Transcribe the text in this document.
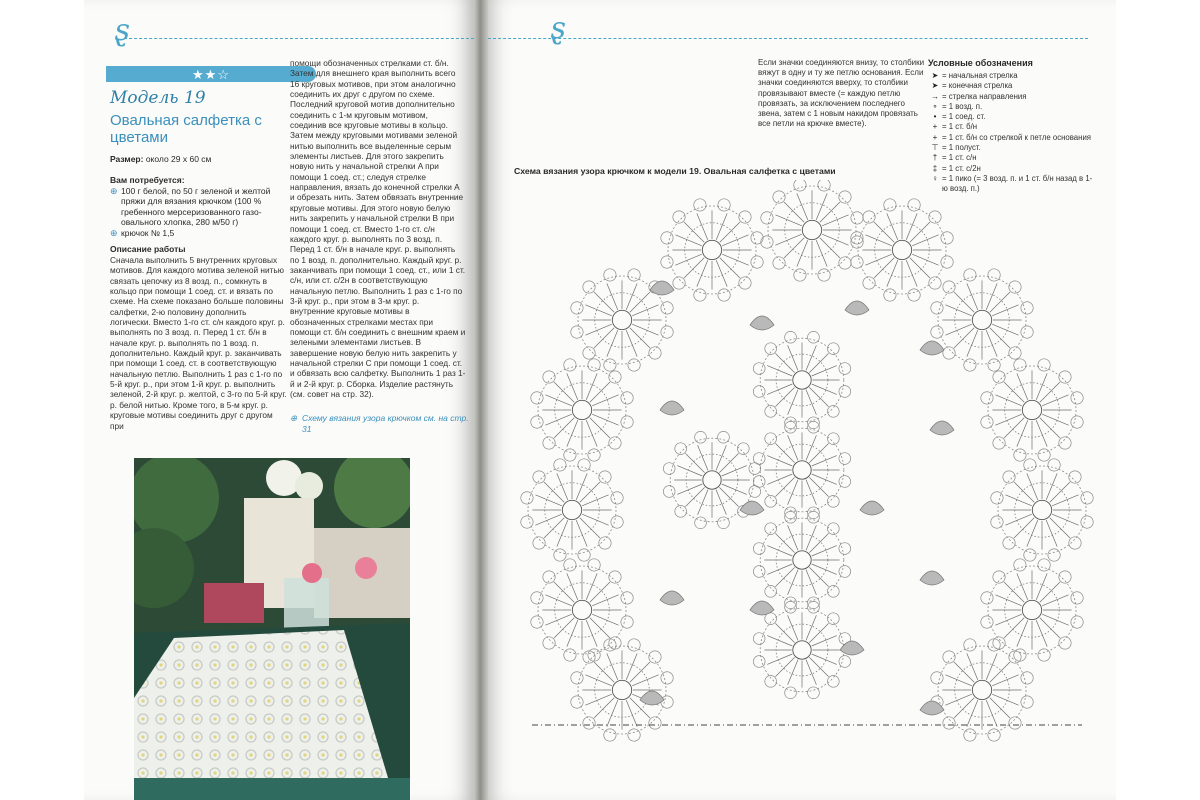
ȿ
★★☆
Модель 19
Овальная салфетка с цветами
Размер: около 29 x 60 см
Вам потребуется:
⊕ 100 г белой, по 50 г зеленой и желтой пряжи для вязания крючком (100 % гребенного мерсеризованного газо- овального хлопка, 280 м/50 г)
⊕ крючок № 1,5
Описание работы
Сначала выполнить 5 внутренних круговых мотивов. Для каждого мотива зеленой нитью связать цепочку из 8 возд. п., сомкнуть в кольцо при помощи 1 соед. ст. и вязать по схеме. На схеме показано больше половины салфетки, 2-ю половину дополнить логически. Вместо 1-го ст. с/н каждого круг. р. выполнять по 3 возд. п. Перед 1 ст. б/н в начале круг. р. выполнять по 1 возд. п. дополнительно. Каждый круг. р. заканчивать при помощи 1 соед. ст. в соответствующую начальную петлю. Выполнить 1 раз с 1-го по 5-й круг. р., при этом 1-й круг. р. выполнить зеленой, 2-й круг. р. желтой, с 3-го по 5-й круг. р. белой нитью. Кроме того, в 5-м круг. р. круговые мотивы соединить друг с другом при
помощи обозначенных стрелками ст. б/н. Затем для внешнего края выполнить всего 16 круговых мотивов, при этом аналогично соединить их друг с другом по схеме. Последний круговой мотив дополнительно соединить с 1-м круговым мотивом, соединив все круговые мотивы в кольцо. Затем между круговыми мотивами зеленой нитью выполнить все выделенные серым элементы листьев. Для этого закрепить новую нить у начальной стрелки A при помощи 1 соед. ст.; следуя стрелке направления, вязать до конечной стрелки A и обрезать нить. Затем обвязать внутренние круговые мотивы. Для этого новую белую нить закрепить у начальной стрелки B при помощи 1 соед. ст. Вместо 1-го ст. с/н каждого круг. р. выполнять по 3 возд. п. Перед 1 ст. б/н в начале круг. р. выполнять по 1 возд. п. дополнительно. Каждый круг. р. заканчивать при помощи 1 соед. ст., или 1 ст. с/н, или ст. с/2н в соответствующую начальную петлю. Выполнить 1 раз с 1-го по 3-й круг. р., при этом в 3-м круг. р. внутренние круговые мотивы в обозначенных стрелками местах при помощи ст. б/н соединить с внешним краем и зелеными элементами листьев. В завершение новую белую нить закрепить у начальной стрелки C при помощи 1 соед. ст. и обвязать всю салфетку. Выполнить 1 раз 1-й и 2-й круг. р. Сборка. Изделие растянуть (см. совет на стр. 32).
⊕ Схему вязания узора крючком см. на стр. 31
ȿ
Если значки соединяются внизу, то столбики вяжут в одну и ту же петлю основания. Если значки соединяются вверху, то столбики провязывают вместе (= каждую петлю провязать, за исключением последнего звена, затем с 1 новым накидом провязать все петли на крючке вместе).
Условные обозначения
➤ = начальная стрелка
➤ = конечная стрелка
→ = стрелка направления
∘ = 1 возд. п.
• = 1 соед. ст.
+ = 1 ст. б/н
+ = 1 ст. б/н со стрелкой к петле основания
⊤ = 1 полуст.
† = 1 ст. с/н
‡ = 1 ст. с/2н
♀ = 1 пико (= 3 возд. п. и 1 ст. б/н назад в 1-ю возд. п.)
Схема вязания узора крючком к модели 19. Овальная салфетка с цветами
